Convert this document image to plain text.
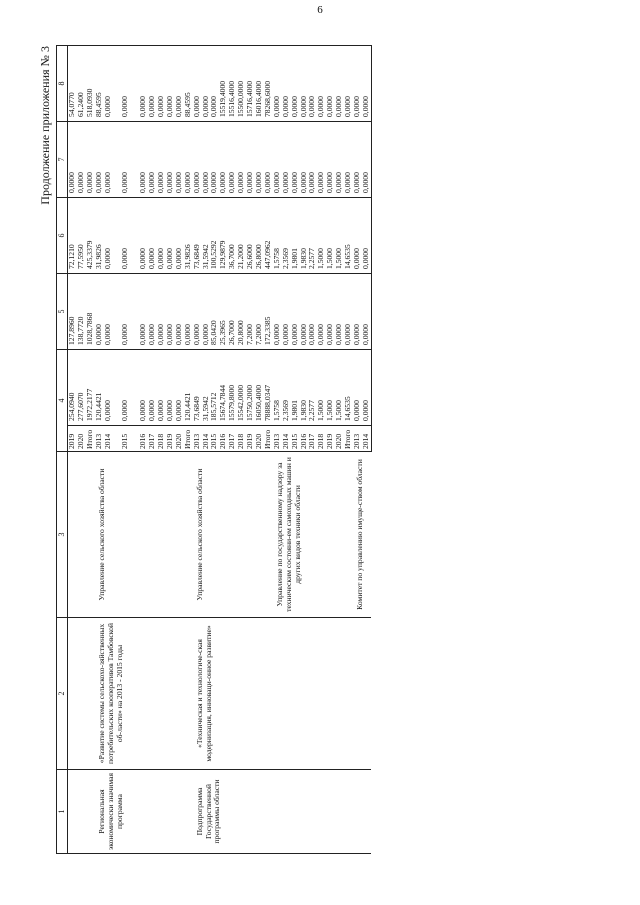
6
Продолжение приложения № 3
1	2	3	4		5	6	7	8
			2019	254,0940	127,8960	72,1210	0,0000	54,0770
			2020	277,6070	138,7720	77,5950	0,0000	61,2400
			Итого	1972,2177	1028,7868	425,3379	0,0000	518,0930
Региональная экономически значимая программа	«Развитие системы сельскохо-зяйственных потребительских кооперативов Тамбовской об-ласти» на 2013 - 2015 годы	Управление сельского хозяйства области	2013	120,4421	0,0000	31,9826	0,0000	88,4595
			2014	0,0000	0,0000	0,0000	0,0000	0,0000

			2015	0,0000	0,0000	0,0000	0,0000	0,0000

			2016	0,0000	0,0000	0,0000	0,0000	0,0000
			2017	0,0000	0,0000	0,0000	0,0000	0,0000
			2018	0,0000	0,0000	0,0000	0,0000	0,0000
			2019	0,0000	0,0000	0,0000	0,0000	0,0000
			2020	0,0000	0,0000	0,0000	0,0000	0,0000
			Итого	120,4421	0,0000	31,9826	0,0000	88,4595
Подпрограмма Государственной программы области	«Техническая и технологиче-ская модернизация, инноваци-онное развитие»	Управление сельского хозяйства области	2013	73,6849	0,0000	73,6849	0,0000	0,0000
			2014	31,5942	0,0000	31,5942	0,0000	0,0000
			2015	185,5712	85,0420	100,5292	0,0000	0,0000
			2016	15674,7844	25,3965	129,9879	0,0000	15519,4000
			2017	15579,8000	26,7000	36,7000	0,0000	15516,4000
			2018	15542,0000	20,8000	21,2000	0,0000	15500,0000
			2019	15750,2000	7,2000	26,6000	0,0000	15716,4000
			2020	16050,4000	7,2000	26,8000	0,0000	16016,4000
			Итого	78888,0347	172,3385	447,0962	0,0000	78268,6000
		Управление по государственному надзору за техническим состояни-ем самоходных машин и других видов техники области	2013	1,5758	0,0000	1,5758	0,0000	0,0000
			2014	2,3569	0,0000	2,3569	0,0000	0,0000
			2015	1,9801	0,0000	1,9801	0,0000	0,0000
			2016	1,9830	0,0000	1,9830	0,0000	0,0000
			2017	2,2577	0,0000	2,2577	0,0000	0,0000
			2018	1,5000	0,0000	1,5000	0,0000	0,0000
			2019	1,5000	0,0000	1,5000	0,0000	0,0000
			2020	1,5000	0,0000	1,5000	0,0000	0,0000
			Итого	14,6535	0,0000	14,6535	0,0000	0,0000
		Комитет по управлению имуще-ством области	2013	0,0000	0,0000	0,0000	0,0000	0,0000
			2014	0,0000	0,0000	0,0000	0,0000	0,0000
